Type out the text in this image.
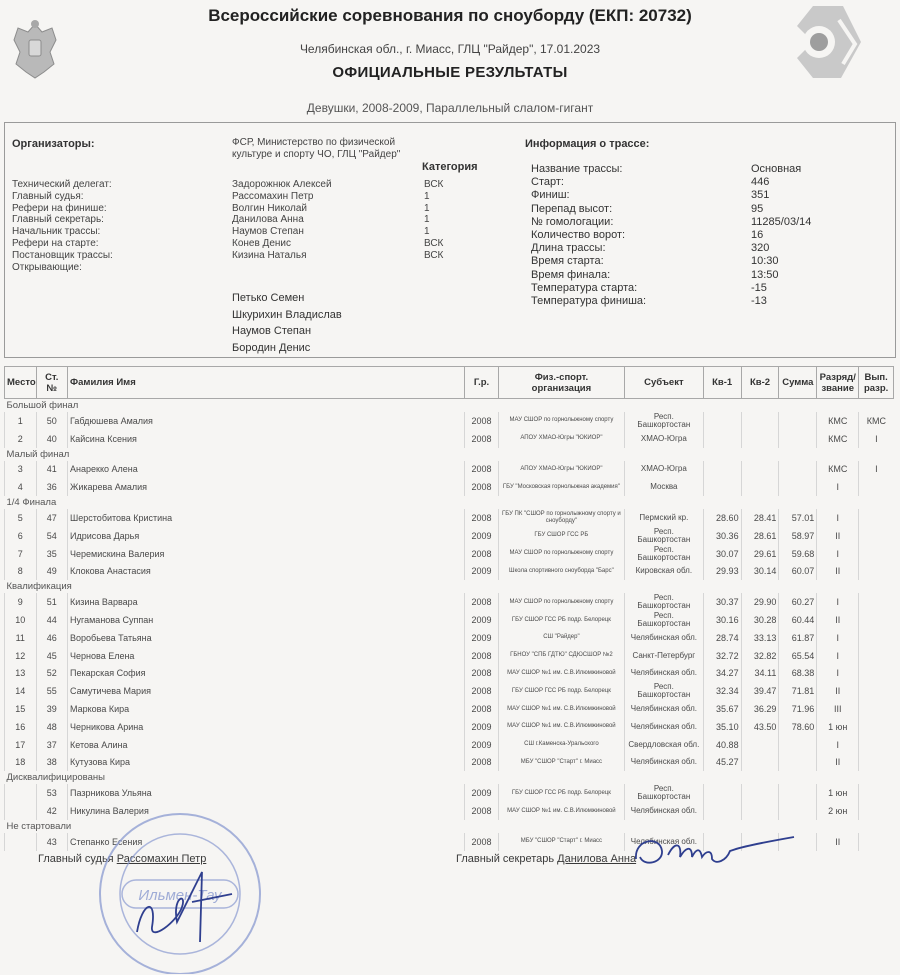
Всероссийские соревнования по сноуборду (ЕКП: 20732)
Челябинская обл., г. Миасс, ГЛЦ "Райдер", 17.01.2023
ОФИЦИАЛЬНЫЕ РЕЗУЛЬТАТЫ
Девушки, 2008-2009, Параллельный слалом-гигант
Организаторы:	ФСР, Министерство по физической
культуре и спорту ЧО, ГЛЦ "Райдер"
Категория
Информация о трассе:
Технический делегат:	Задорожнюк Алексей	ВСК
Главный судья:	Рассомахин Петр	1
Рефери на финише:	Волгин Николай	1
Главный секретарь:	Данилова Анна	1
Начальник трассы:	Наумов Степан	1
Рефери на старте:	Конев Денис	ВСК
Постановщик трассы:	Кизина Наталья	ВСК
Открывающие:
Петько Семен
Шкурихин Владислав
Наумов Степан
Бородин Денис
Название трассы:	Основная
Старт:	446
Финиш:	351
Перепад высот:	95
№ гомологации:	11285/03/14
Количество ворот:	16
Длина трассы:	320
Время старта:	10:30
Время финала:	13:50
Температура старта:	-15
Температура финиша:	-13
Место	Ст.
№	Фамилия Имя	Г.р.	Физ.-спорт.
организация	Субъект	Кв-1	Кв-2	Сумма	Разряд/
звание	Вып.
разр.
Большой финал										
1	50	Габдюшева Амалия	2008	МАУ СШОР по горнолыжному спорту	Респ. Башкортостан				КМС	КМС
2	40	Кайсина Ксения	2008	АПОУ ХМАО-Югры "ЮКИОР"	ХМАО-Югра				КМС	I
Малый финал										
3	41	Анарекко Алена	2008	АПОУ ХМАО-Югры "ЮКИОР"	ХМАО-Югра				КМС	I
4	36	Жикарева Амалия	2008	ГБУ "Московская горнолыжная академия"	Москва				I	
1/4 Финала										
5	47	Шерстобитова Кристина	2008	ГБУ ПК "СШОР по горнолыжному спорту и сноуборду"	Пермский кр.	28.60	28.41	57.01	I	
6	54	Идрисова Дарья	2009	ГБУ СШОР ГСС РБ	Респ. Башкортостан	30.36	28.61	58.97	II	
7	35	Черемискина Валерия	2008	МАУ СШОР по горнолыжному спорту	Респ. Башкортостан	30.07	29.61	59.68	I	
8	49	Клокова Анастасия	2009	Школа спортивного сноуборда "Барс"	Кировская обл.	29.93	30.14	60.07	II	
Квалификация										
9	51	Кизина Варвара	2008	МАУ СШОР по горнолыжному спорту	Респ. Башкортостан	30.37	29.90	60.27	I	
10	44	Нугаманова Суппан	2009	ГБУ СШОР ГСС РБ подр. Белорецк	Респ. Башкортостан	30.16	30.28	60.44	II	
11	46	Воробьева Татьяна	2009	СШ "Райдер"	Челябинская обл.	28.74	33.13	61.87	I	
12	45	Чернова Елена	2008	ГБНОУ "СПБ ГДТЮ" СДЮСШОР №2	Санкт-Петербург	32.72	32.82	65.54	I	
13	52	Пекарская София	2008	МАУ СШОР №1 им. С.В.Илюмжиновой	Челябинская обл.	34.27	34.11	68.38	I	
14	55	Самутичева Мария	2008	ГБУ СШОР ГСС РБ подр. Белорецк	Респ. Башкортостан	32.34	39.47	71.81	II	
15	39	Маркова Кира	2008	МАУ СШОР №1 им. С.В.Илюмжиновой	Челябинская обл.	35.67	36.29	71.96	III	
16	48	Черникова Арина	2009	МАУ СШОР №1 им. С.В.Илюмжиновой	Челябинская обл.	35.10	43.50	78.60	1 юн	
17	37	Кетова Алина	2009	СШ г.Каменска-Уральского	Свердловская обл.	40.88			I	
18	38	Кутузова Кира	2008	МБУ "СШОР "Старт" г. Миасс	Челябинская обл.	45.27			II	
Дисквалифицированы										
	53	Пазрникова Ульяна	2009	ГБУ СШОР ГСС РБ подр. Белорецк	Респ. Башкортостан				1 юн	
	42	Никулина Валерия	2008	МАУ СШОР №1 им. С.В.Илюмжиновой	Челябинская обл.				2 юн	
Не стартовали										
	43	Степанко Есения	2008	МБУ "СШОР "Старт" г. Миасс	Челябинская обл.				II	
Главный судья Рассомахин Петр	Главный секретарь Данилова Анна
Ильмен-Тау
